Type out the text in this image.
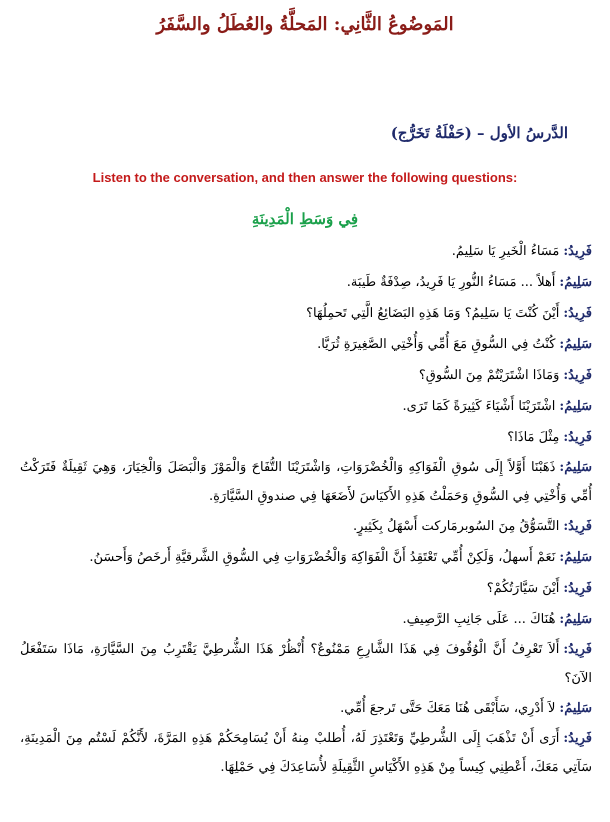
المَوضُوعُ الثَّانِي: المَحلَّةُ والعُطَلُ والسَّفَرُ
الدَّرسُ الأول – (حَفْلَةُ تَخَرُّج)
Listen to the conversation, and then answer the following questions:
فِي وَسَطِ الْمَدِينَةِ

فَرِيدُ:مَسَاءُ الْخَيرِ يَا سَلِيمُ.

سَلِيمُ:أَهلاً ... مَسَاءُ النُّورِ يَا فَرِيدُ، صِدْفَةٌ طَيبَة.

فَرِيدُ:أَيْنَ كُنْتَ يَا سَلِيمُ؟ وَمَا هَذِهِ البَضَائِعُ الَّتِي تَحمِلُهَا؟

سَلِيمُ:كُنْتُ فِي السُّوقِ مَعَ أُمِّي وَأُخْتِي الصَّغِيرَةِ ثُرَيَّا.

فَرِيدُ:وَمَاذَا اشْتَرَيْتُمْ مِنَ السُّوقِ؟

سَلِيمُ:اشْتَرَيْنَا أَشْيَاءَ كَثِيرَةً كَمَا تَرَى.

فَرِيدُ:مِثْلَ مَاذَا؟

سَلِيمُ:ذَهَبْنَا أَوَّلاً إِلَى سُوقِ الْفَوَاكِهِ وَالْخُضْرَوَاتِ، وَاشْتَرَيْنَا التُّفَاحَ وَالْمَوْزَ وَالْبَصَلَ وَالْخِيَارَ، وَهِيَ ثَقِيلَةٌ فَتَرَكْتُ أُمِّي وَأُخْتِي فِي السُّوقِ وَحَمَلْتُ هَذِهِ الأَكيَاسَ لأَضَعَهَا فِي صندوقِ السَّيَّارَةِ.

فَرِيدُ:التَّسَوُّقُ مِنَ السُوبرمَاركت أَسْهَلُ بِكَثِيرٍ.

سَلِيمُ:نَعَمْ أَسهلُ، وَلَكِنْ أُمِّي تَعْتَقِدُ أَنَّ الْفَوَاكِهَ وَالْخُضْرَوَاتِ فِي السُّوقِ الشَّرقيَّةِ أَرخَصُ وَأَحسَنُ.

فَرِيدُ:أَيْنَ سَيَّارَتُكُمْ؟

سَلِيمُ:هُنَاكَ ... عَلَى جَانِبِ الرَّصِيفِ.

فَرِيدُ:أَلاَ تَعْرِفُ أَنَّ الْوُقُوفَ فِي هَذَا الشَّارِعِ مَمْنُوعٌ؟ أُنْظُرْ هَذَا الشُّرطِيَّ يَقْتَرِبُ مِنَ السَّيَّارَةِ، مَاذَا سَتَفْعَلُ الآنَ؟

سَلِيمُ:لاَ أَدْرِي، سَأَبْقَى هُنَا مَعَكَ حَتَّى تَرجعَ أُمِّي.

فَرِيدُ:أَرَى أَنْ تَذْهَبَ إِلَى الشُّرطِيِّ وَتَعْتَذِرَ لَهُ، أُطلبْ مِنهُ أَنْ يُسَامِحَكُمْ هَذِهِ المَرَّةَ، لأَنَّكُمْ لَسْتُم مِنَ الْمَدِينَةِ، سَآتِي مَعَكَ، أَعْطِنِي كِيساً مِنْ هَذِهِ الأَكْيَاسِ الثَّقِيلَةِ لأُسَاعِدَكَ فِي حَمْلِهَا.
